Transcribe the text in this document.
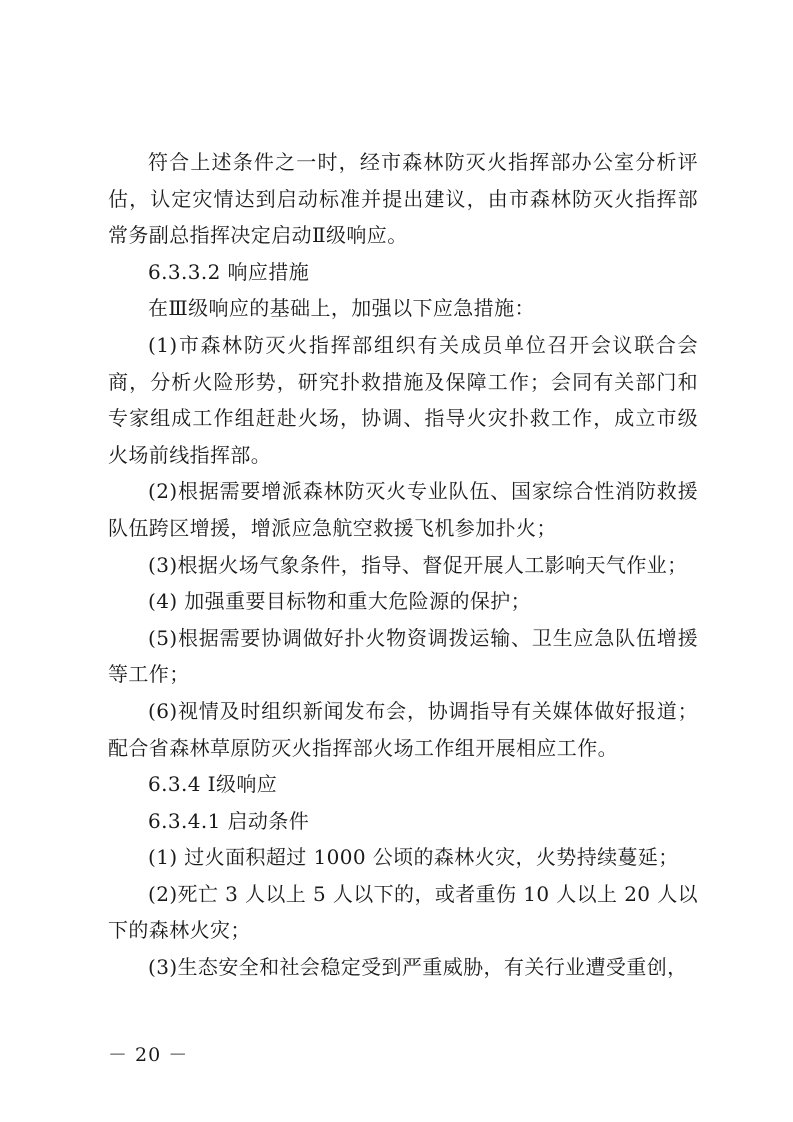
符合上述条件之一时，经市森林防灭火指挥部办公室分析评估，认定灾情达到启动标准并提出建议，由市森林防灭火指挥部常务副总指挥决定启动Ⅱ级响应。

6.3.3.2 响应措施

在Ⅲ级响应的基础上，加强以下应急措施：

(1)市森林防灭火指挥部组织有关成员单位召开会议联合会商，分析火险形势，研究扑救措施及保障工作；会同有关部门和专家组成工作组赶赴火场，协调、指导火灾扑救工作，成立市级火场前线指挥部。

(2)根据需要增派森林防灭火专业队伍、国家综合性消防救援队伍跨区增援，增派应急航空救援飞机参加扑火；

(3)根据火场气象条件，指导、督促开展人工影响天气作业；

(4) 加强重要目标物和重大危险源的保护；

(5)根据需要协调做好扑火物资调拨运输、卫生应急队伍增援等工作；

(6)视情及时组织新闻发布会，协调指导有关媒体做好报道；配合省森林草原防灭火指挥部火场工作组开展相应工作。

6.3.4 Ⅰ级响应

6.3.4.1 启动条件

(1) 过火面积超过 1000 公顷的森林火灾，火势持续蔓延；

(2)死亡 3 人以上 5 人以下的，或者重伤 10 人以上 20 人以下的森林火灾；

(3)生态安全和社会稳定受到严重威胁，有关行业遭受重创，

－ 20 －
